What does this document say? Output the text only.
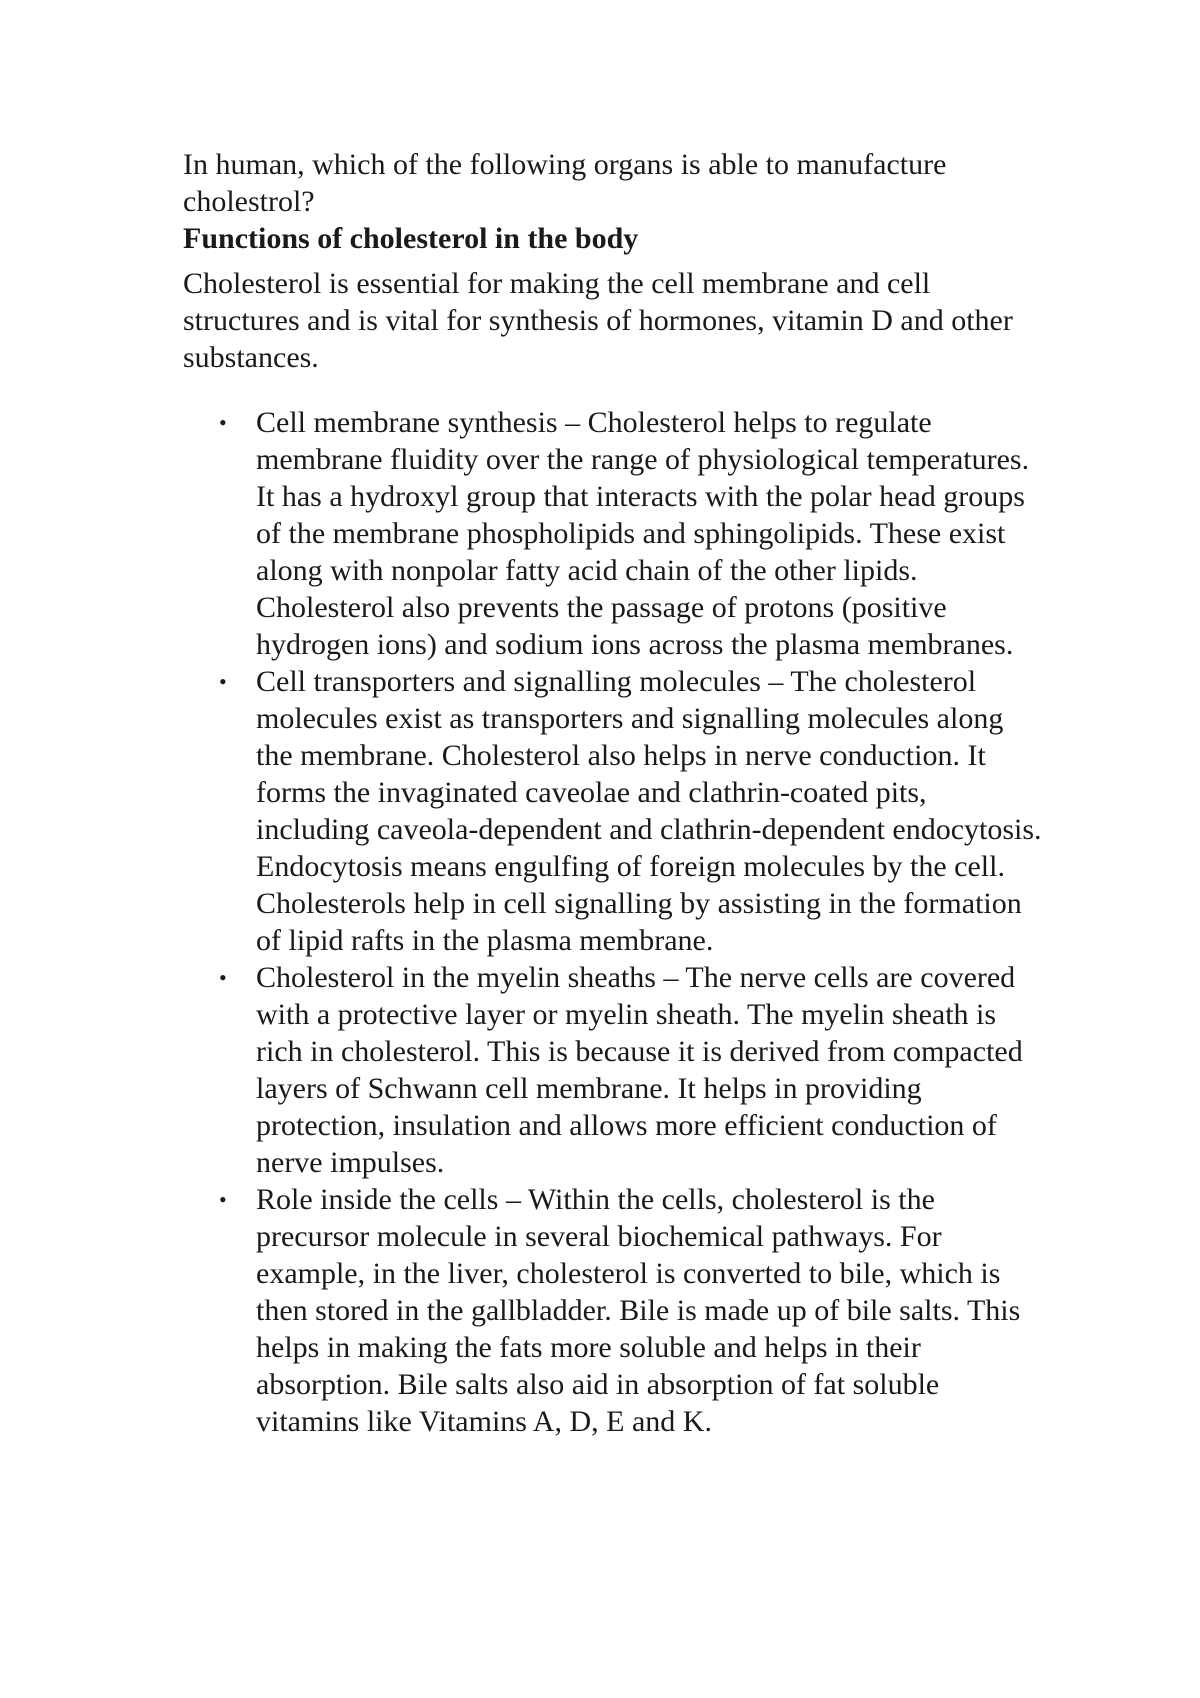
In human, which of the following organs is able to manufacture cholestrol?

Functions of cholesterol in the body

Cholesterol is essential for making the cell membrane and cell structures and is vital for synthesis of hormones, vitamin D and other substances.

• Cell membrane synthesis – Cholesterol helps to regulate membrane fluidity over the range of physiological temperatures. It has a hydroxyl group that interacts with the polar head groups of the membrane phospholipids and sphingolipids. These exist along with nonpolar fatty acid chain of the other lipids. Cholesterol also prevents the passage of protons (positive hydrogen ions) and sodium ions across the plasma membranes.
• Cell transporters and signalling molecules – The cholesterol molecules exist as transporters and signalling molecules along the membrane. Cholesterol also helps in nerve conduction. It forms the invaginated caveolae and clathrin-coated pits, including caveola-dependent and clathrin-dependent endocytosis. Endocytosis means engulfing of foreign molecules by the cell. Cholesterols help in cell signalling by assisting in the formation of lipid rafts in the plasma membrane.
• Cholesterol in the myelin sheaths – The nerve cells are covered with a protective layer or myelin sheath. The myelin sheath is rich in cholesterol. This is because it is derived from compacted layers of Schwann cell membrane. It helps in providing protection, insulation and allows more efficient conduction of nerve impulses.
• Role inside the cells – Within the cells, cholesterol is the precursor molecule in several biochemical pathways. For example, in the liver, cholesterol is converted to bile, which is then stored in the gallbladder. Bile is made up of bile salts. This helps in making the fats more soluble and helps in their absorption. Bile salts also aid in absorption of fat soluble vitamins like Vitamins A, D, E and K.
